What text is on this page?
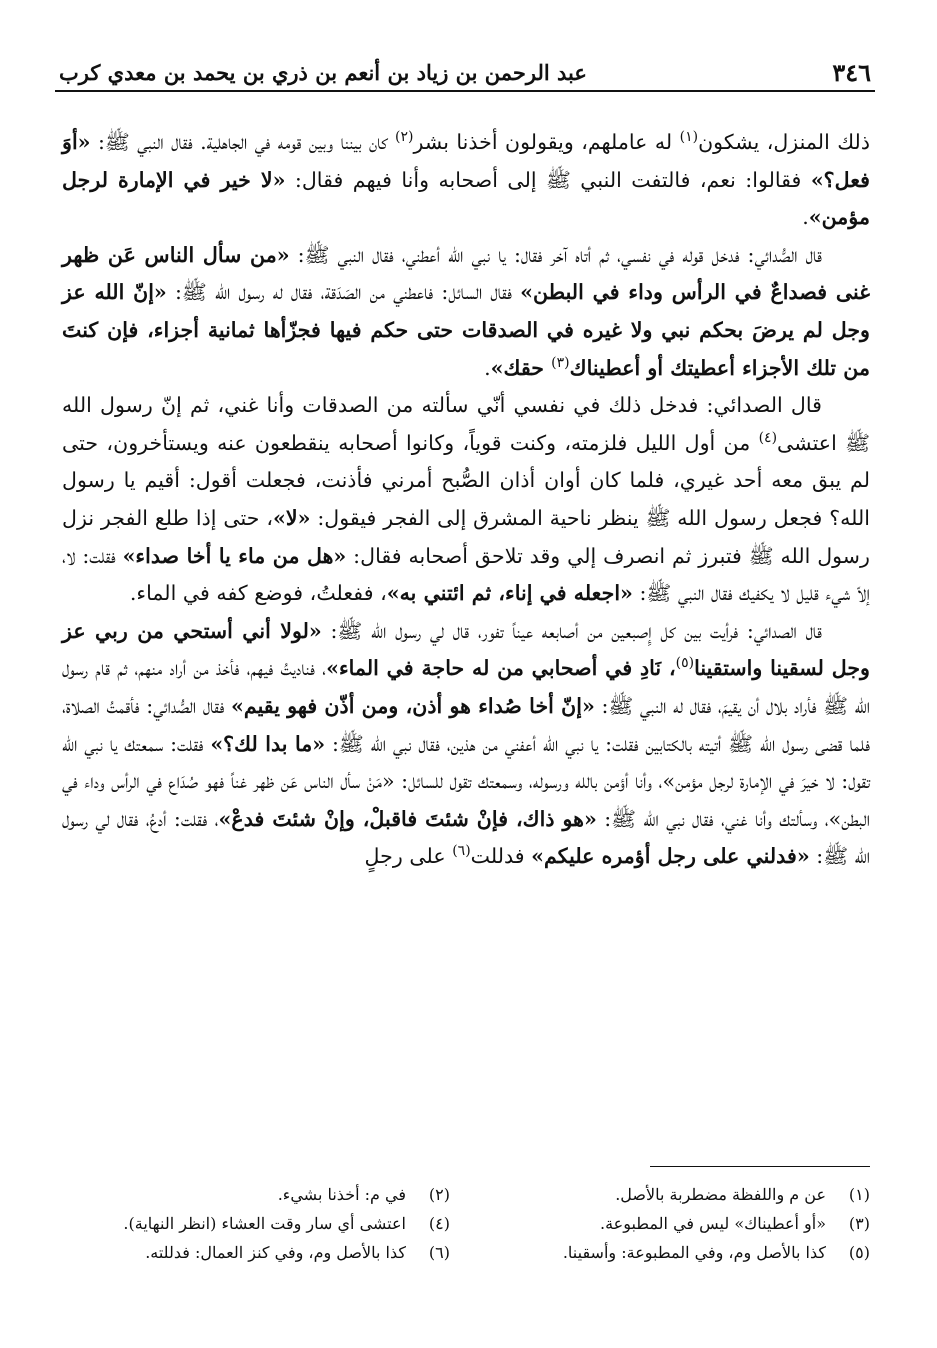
٣٤٦
عبد الرحمن بن زياد بن أنعم بن ذري بن يحمد بن معدي كرب

ذلك المنزل، يشكون$^{(١)}$ له عاملهم، ويقولون أخذنا بشر$^{(٢)}$ كان بيننا وبين قومه في الجاهلية. فقال النبي ﷺ: «أوَ فعل؟» فقالوا: نعم، فالتفت النبي ﷺ إلى أصحابه وأنا فيهم فقال: «لا خير في الإمارة لرجل مؤمن».

قال الصُّدائي: فدخل قوله في نفسي، ثم أتاه آخر فقال: يا نبي الله أعطني، فقال النبي ﷺ: «من سأل الناس عَن ظهر غنى فصداعٌ في الرأس وداء في البطن» فقال السائل: فاعطني من الصَدَقة، فقال له رسول الله ﷺ: «إنّ الله عز وجل لم يرضَ بحكم نبي ولا غيره في الصدقات حتى حكم فيها فجزّأها ثمانية أجزاء، فإن كنتَ من تلك الأجزاء أعطيتك أو أعطيناك$^{(٣)}$ حقك».

قال الصدائي: فدخل ذلك في نفسي أنّي سألته من الصدقات وأنا غني، ثم إنّ رسول الله ﷺ اعتشى$^{(٤)}$ من أول الليل فلزمته، وكنت قوياً، وكانوا أصحابه ينقطعون عنه ويستأخرون، حتى لم يبق معه أحد غيري، فلما كان أوان أذان الصُّبح أمرني فأذنت، فجعلت أقول: أقيم يا رسول الله؟ فجعل رسول الله ﷺ ينظر ناحية المشرق إلى الفجر فيقول: «لا»، حتى إذا طلع الفجر نزل رسول الله ﷺ فتبرز ثم انصرف إلي وقد تلاحق أصحابه فقال: «هل من ماء يا أخا صداء» فقلت: لا، إلاّ شيء قليل لا يكفيك فقال النبي ﷺ: «اجعله في إناء، ثم ائتني به»، ففعلتُ، فوضع كفه في الماء.

قال الصدائي: فرأيت بين كل إِصبعين من أصابعه عيناً تفور، قال لي رسول الله ﷺ: «لولا أني أستحي من ربي عز وجل لسقينا واستقينا$^{(٥)}$، نَادِ في أصحابي من له حاجة في الماء»، فناديتُ فيهم، فأخذ من أراد منهم، ثم قام رسول الله ﷺ فأراد بلال أن يقيمَ، فقال له النبي ﷺ: «إنّ أخا صُداء هو أذن، ومن أذّن فهو يقيم» فقال الصُّدائي: فأقمتُ الصلاة، فلما قضى رسول الله ﷺ أتيته بالكتابين فقلت: يا نبي الله أعفني من هذين، فقال نبي الله ﷺ: «ما بدا لك؟» فقلت: سمعتك يا نبي الله تقول: لا خيرَ في الإمارة لرجل مؤمن»، وأنا أؤمن بالله ورسوله، وسمعتك تقول للسائل: «مَنْ سأل الناس عَن ظهر غناً فهو صُدَاع في الرأس وداء في البطن»، وسألتك وأنا غني، فقال نبي الله ﷺ: «هو ذاك، فإنْ شئتَ فاقبلْ، وإنْ شئتَ فدعْ»، فقلت: أدعُ، فقال لي رسول الله ﷺ: «فدلني على رجل أؤمره عليكم» فدللت$^{(٦)}$ على رجلٍ

(١)
عن م واللفظة مضطربة بالأصل.
(٢)
في م: أخذنا بشيء.
(٣)
«أو أعطيناك» ليس في المطبوعة.
(٤)
اعتشى أي سار وقت العشاء (انظر النهاية).
(٥)
كذا بالأصل وم، وفي المطبوعة: وأسقينا.
(٦)
كذا بالأصل وم، وفي كنز العمال: فدللته.
